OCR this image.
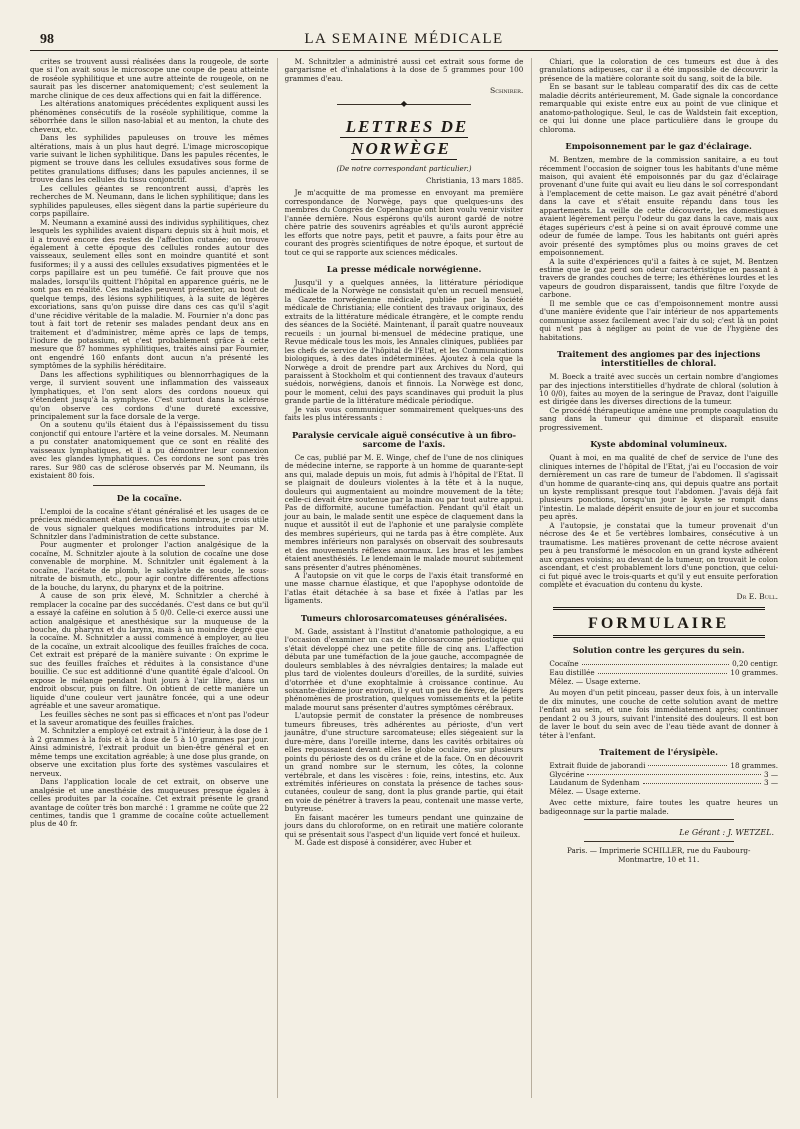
98	LA SEMAINE MÉDICALE

crites se trouvent aussi réalisées dans la rougeole, de sorte que si l'on avait sous le microscope une coupe de peau atteinte de roséole syphilitique et une autre atteinte de rougeole, on ne saurait pas les discerner anatomiquement; c'est seulement la marche clinique de ces deux affections qui en fait la différence.

Les altérations anatomiques précédentes expliquent aussi les phénomènes consécutifs de la roséole syphilitique, comme la séborrhée dans le sillon naso-labial et au menton, la chute des cheveux, etc.

Dans les syphilides papuleuses on trouve les mêmes altérations, mais à un plus haut degré. L'image microscopique varie suivant le lichen syphilitique. Dans les papules récentes, le pigment se trouve dans les cellules exsudatives sous forme de petites granulations diffuses; dans les papules anciennes, il se trouve dans les cellules du tissu conjonctif.

Les cellules géantes se rencontrent aussi, d'après les recherches de M. Neumann, dans le lichen syphilitique; dans les syphilides papuleuses, elles siègent dans la partie supérieure du corps papillaire.

M. Neumann a examiné aussi des individus syphilitiques, chez lesquels les syphilides avaient disparu depuis six à huit mois, et il a trouvé encore des restes de l'affection cutanée; on trouve également à cette époque des cellules rondes autour des vaisseaux, seulement elles sont en moindre quantité et sont fusiformes; il y a aussi des cellules exsudatives pigmentées et le corps papillaire est un peu tuméfié. Ce fait prouve que nos malades, lorsqu'ils quittent l'hôpital en apparence guéris, ne le sont pas en réalité. Ces malades peuvent présenter, au bout de quelque temps, des lésions syphilitiques, à la suite de légères excoriations, sans qu'on puisse dire dans ces cas qu'il s'agit d'une récidive véritable de la maladie. M. Fournier n'a donc pas tout à fait tort de retenir ses malades pendant deux ans en traitement et d'administrer, même après ce laps de temps, l'iodure de potassium, et c'est probablement grâce à cette mesure que 87 hommes syphilitiques, traités ainsi par Fournier, ont engendré 160 enfants dont aucun n'a présenté les symptômes de la syphilis héréditaire.

Dans les affections syphilitiques ou blennorrhagiques de la verge, il survient souvent une inflammation des vaisseaux lymphatiques, et l'on sent alors des cordons noueux qui s'étendent jusqu'à la symphyse. C'est surtout dans la sclérose qu'on observe ces cordons d'une dureté excessive, principalement sur la face dorsale de la verge.

On a soutenu qu'ils étaient dus à l'épaississement du tissu conjonctif qui entoure l'artère et la veine dorsales. M. Neumann a pu constater anatomiquement que ce sont en réalité des vaisseaux lymphatiques, et il a pu démontrer leur connexion avec les glandes lymphatiques. Ces cordons ne sont pas très rares. Sur 980 cas de sclérose observés par M. Neumann, ils existaient 80 fois.

De la cocaïne.

L'emploi de la cocaïne s'étant généralisé et les usages de ce précieux médicament étant devenus très nombreux, je crois utile de vous signaler quelques modifications introduites par M. Schnitzler dans l'administration de cette substance.

Pour augmenter et prolonger l'action analgésique de la cocaïne, M. Schnitzler ajoute à la solution de cocaïne une dose convenable de morphine. M. Schnitzler unit également à la cocaïne, l'acétate de plomb, le salicylate de soude, le sous-nitrate de bismuth, etc., pour agir contre différentes affections de la bouche, du larynx, du pharynx et de la poitrine.

A cause de son prix élevé, M. Schnitzler a cherché à remplacer la cocaïne par des succédanés. C'est dans ce but qu'il a essayé la caféine en solution à 5 0/0. Celle-ci exerce aussi une action analgésique et anesthésique sur la muqueuse de la bouche, du pharynx et du larynx, mais à un moindre degré que la cocaïne. M. Schnitzler a aussi commencé à employer, au lieu de la cocaïne, un extrait alcoolique des feuilles fraîches de coca. Cet extrait est préparé de la manière suivante : On exprime le suc des feuilles fraîches et réduites à la consistance d'une bouillie. Ce suc est additionné d'une quantité égale d'alcool. On expose le mélange pendant huit jours à l'air libre, dans un endroit obscur, puis on filtre. On obtient de cette manière un liquide d'une couleur vert jaunâtre foncée, qui a une odeur agréable et une saveur aromatique.

Les feuilles sèches ne sont pas si efficaces et n'ont pas l'odeur et la saveur aromatique des feuilles fraîches.

M. Schnitzler a employé cet extrait à l'intérieur, à la dose de 1 à 2 grammes à la fois et à la dose de 5 à 10 grammes par jour. Ainsi administré, l'extrait produit un bien-être général et en même temps une excitation agréable; à une dose plus grande, on observe une excitation plus forte des systèmes vasculaires et nerveux.

Dans l'application locale de cet extrait, on observe une analgésie et une anesthésie des muqueuses presque égales à celles produites par la cocaïne. Cet extrait présente le grand avantage de coûter très bon marché : 1 gramme ne coûte que 22 centimes, tandis que 1 gramme de cocaïne coûte actuellement plus de 40 fr.

M. Schnitzler a administré aussi cet extrait sous forme de gargarisme et d'inhalations à la dose de 5 grammes pour 100 grammes d'eau.

Schnirer.
◆
LETTRES DE NORWÈGE
(De notre correspondant particulier.)
Christiania, 13 mars 1885.

Je m'acquitte de ma promesse en envoyant ma première correspondance de Norwège, pays que quelques-uns des membres du Congrès de Copenhague ont bien voulu venir visiter l'année dernière. Nous espérons qu'ils auront gardé de notre chère patrie des souvenirs agréables et qu'ils auront apprécié les efforts que notre pays, petit et pauvre, a faits pour être au courant des progrès scientifiques de notre époque, et surtout de tout ce qui se rapporte aux sciences médicales.

La presse médicale norwégienne.

Jusqu'il y a quelques années, la littérature périodique médicale de la Norwège ne consistait qu'en un recueil mensuel, la Gazette norwégienne médicale, publiée par la Société médicale de Christiania; elle contient des travaux originaux, des extraits de la littérature médicale étrangère, et le compte rendu des séances de la Société. Maintenant, il paraît quatre nouveaux recueils : un journal bi-mensuel de médecine pratique, une Revue médicale tous les mois, les Annales cliniques, publiées par les chefs de service de l'hôpital de l'Etat, et les Communications biologiques, à des dates indéterminées. Ajoutez à cela que la Norwège a droit de prendre part aux Archives du Nord, qui paraissent à Stockholm et qui contiennent des travaux d'auteurs suédois, norwégiens, danois et finnois. La Norwège est donc, pour le moment, celui des pays scandinaves qui produit la plus grande partie de la littérature médicale périodique.

Je vais vous communiquer sommairement quelques-uns des faits les plus intéressants :

Paralysie cervicale aiguë consécutive à un fibro-sarcome de l'axis.

Ce cas, publié par M. E. Winge, chef de l'une de nos cliniques de médecine interne, se rapporte à un homme de quarante-sept ans qui, malade depuis un mois, fut admis à l'hôpital de l'Etat. Il se plaignait de douleurs violentes à la tête et à la nuque, douleurs qui augmentaient au moindre mouvement de la tête; celle-ci devait être soutenue par la main ou par tout autre appui. Pas de difformité, aucune tuméfaction. Pendant qu'il était un jour au bain, le malade sentit une espèce de claquement dans la nuque et aussitôt il eut de l'aphonie et une paralysie complète des membres supérieurs, qui ne tarda pas à être complète. Aux membres inférieurs non paralysés on observait des soubresauts et des mouvements réflexes anormaux. Les bras et les jambes étaient anesthésiés. Le lendemain le malade mourut subitement sans présenter d'autres phénomènes.

A l'autopsie on vit que le corps de l'axis était transformé en une masse charnue élastique, et que l'apophyse odontoïde de l'atlas était détachée à sa base et fixée à l'atlas par les ligaments.

Tumeurs chlorosarcomateuses généralisées.

M. Gade, assistant à l'Institut d'anatomie pathologique, a eu l'occasion d'examiner un cas de chlorosarcome périostique qui s'était développé chez une petite fille de cinq ans. L'affection débuta par une tuméfaction de la joue gauche, accompagnée de douleurs semblables à des névralgies dentaires; la malade eut plus tard de violentes douleurs d'oreilles, de la surdité, suivies d'otorrhée et d'une exophtalmie à croissance continue. Au soixante-dixième jour environ, il y eut un peu de fièvre, de légers phénomènes de prostration, quelques vomissements et la petite malade mourut sans présenter d'autres symptômes cérébraux.

L'autopsie permit de constater la présence de nombreuses tumeurs fibreuses, très adhérentes au périoste, d'un vert jaunâtre, d'une structure sarcomateuse; elles siégeaient sur la dure-mère, dans l'oreille interne, dans les cavités orbitaires où elles repoussaient devant elles le globe oculaire, sur plusieurs points du périoste des os du crâne et de la face. On en découvrit un grand nombre sur le sternum, les côtes, la colonne vertébrale, et dans les viscères : foie, reins, intestins, etc. Aux extrémités inférieures on constata la présence de taches sous-cutanées, couleur de sang, dont la plus grande partie, qui était en voie de pénétrer à travers la peau, contenait une masse verte, butyreuse.

En faisant macérer les tumeurs pendant une quinzaine de jours dans du chloroforme, on en retirait une matière colorante qui se présentait sous l'aspect d'un liquide vert foncé et huileux.

M. Gade est disposé à considérer, avec Huber et

Chiari, que la coloration de ces tumeurs est due à des granulations adipeuses, car il a été impossible de découvrir la présence de la matière colorante soit du sang, soit de la bile.

En se basant sur le tableau comparatif des dix cas de cette maladie décrits antérieurement, M. Gade signale la concordance remarquable qui existe entre eux au point de vue clinique et anatomo-pathologique. Seul, le cas de Waldstein fait exception, ce qui lui donne une place particulière dans le groupe du chloroma.

Empoisonnement par le gaz d'éclairage.

M. Bentzen, membre de la commission sanitaire, a eu tout récemment l'occasion de soigner tous les habitants d'une même maison, qui avaient été empoisonnés par du gaz d'éclairage provenant d'une fuite qui avait eu lieu dans le sol correspondant à l'emplacement de cette maison. Le gaz avait pénétré d'abord dans la cave et s'était ensuite répandu dans tous les appartements. La veille de cette découverte, les domestiques avaient légèrement perçu l'odeur du gaz dans la cave, mais aux étages supérieurs c'est à peine si on avait éprouvé comme une odeur de fumée de lampe. Tous les habitants ont guéri après avoir présenté des symptômes plus ou moins graves de cet empoisonnement.

A la suite d'expériences qu'il a faites à ce sujet, M. Bentzen estime que le gaz perd son odeur caractéristique en passant à travers de grandes couches de terre; les éthérènes lourdes et les vapeurs de goudron disparaissent, tandis que filtre l'oxyde de carbone.

Il me semble que ce cas d'empoisonnement montre aussi d'une manière évidente que l'air intérieur de nos appartements communique assez facilement avec l'air du sol; c'est là un point qui n'est pas à négliger au point de vue de l'hygiène des habitations.

Traitement des angiomes par des injections interstitielles de chloral.

M. Boeck a traité avec succès un certain nombre d'angiomes par des injections interstitielles d'hydrate de chloral (solution à 10 0/0), faites au moyen de la seringue de Pravaz, dont l'aiguille est dirigée dans les diverses directions de la tumeur.

Ce procédé thérapeutique amène une prompte coagulation du sang dans la tumeur qui diminue et disparaît ensuite progressivement.

Kyste abdominal volumineux.

Quant à moi, en ma qualité de chef de service de l'une des cliniques internes de l'hôpital de l'Etat, j'ai eu l'occasion de voir dernièrement un cas rare de tumeur de l'abdomen. Il s'agissait d'un homme de quarante-cinq ans, qui depuis quatre ans portait un kyste remplissant presque tout l'abdomen. J'avais déjà fait plusieurs ponctions, lorsqu'un jour le kyste se rompit dans l'intestin. Le malade dépérit ensuite de jour en jour et succomba peu après.

A l'autopsie, je constatai que la tumeur provenait d'un nécrose des 4e et 5e vertèbres lombaires, consécutive à un traumatisme. Les matières provenant de cette nécrose avaient peu à peu transformé le mésocolon en un grand kyste adhérent aux organes voisins; au devant de la tumeur, on trouvait le colon ascendant, et c'est probablement lors d'une ponction, que celui-ci fut piqué avec le trois-quarts et qu'il y eut ensuite perforation complète et évacuation du contenu du kyste.

Dr E. Bull.
FORMULAIRE
Solution contre les gerçures du sein.
Cocaïne	0,20 centigr.
Eau distillée	10 grammes.
Mêlez. — Usage externe.

Au moyen d'un petit pinceau, passer deux fois, à un intervalle de dix minutes, une couche de cette solution avant de mettre l'enfant au sein, et une fois immédiatement après; continuer pendant 2 ou 3 jours, suivant l'intensité des douleurs. Il est bon de laver le bout du sein avec de l'eau tiède avant de donner à téter à l'enfant.

Traitement de l'érysipèle.
Extrait fluide de jaborandi	18 grammes.
Glycérine	3 —
Laudanum de Sydenham	3 —
Mêlez. — Usage externe.

Avec cette mixture, faire toutes les quatre heures un badigeonnage sur la partie malade.

Le Gérant : J. WETZEL.
Paris. — Imprimerie SCHILLER, rue du Faubourg-
Montmartre, 10 et 11.
